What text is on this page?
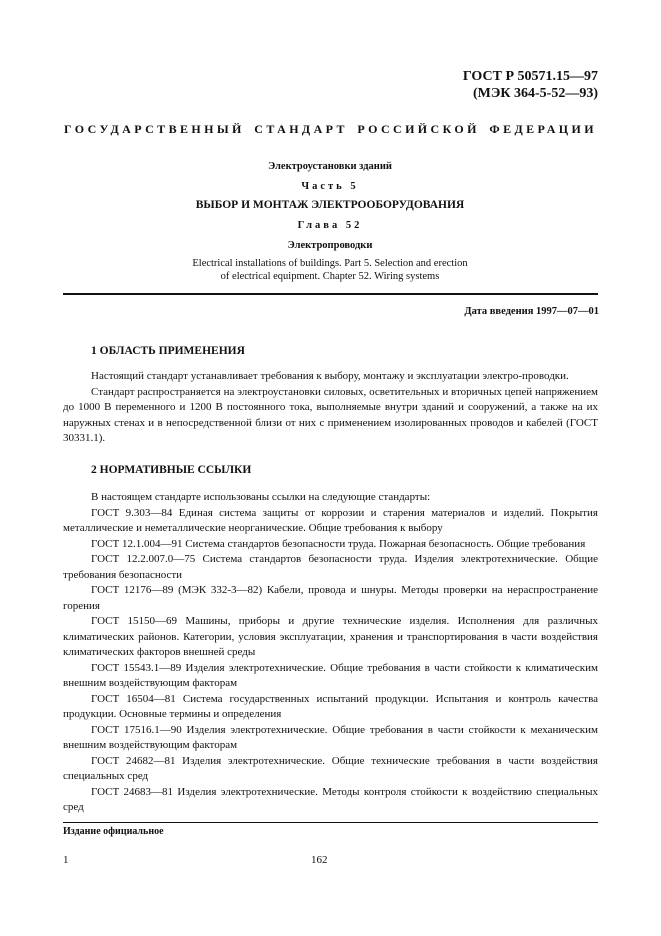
ГОСТ Р 50571.15—97
(МЭК 364-5-52—93)
ГОСУДАРСТВЕННЫЙ СТАНДАРТ РОССИЙСКОЙ ФЕДЕРАЦИИ
Электроустановки зданий
Часть 5
ВЫБОР И МОНТАЖ ЭЛЕКТРООБОРУДОВАНИЯ
Глава 52
Электропроводки
Electrical installations of buildings. Part 5. Selection and erection
of electrical equipment. Chapter 52. Wiring systems
Дата введения 1997—07—01
1 ОБЛАСТЬ ПРИМЕНЕНИЯ

Настоящий стандарт устанавливает требования к выбору, монтажу и эксплуатации электро-проводки.

Стандарт распространяется на электроустановки силовых, осветительных и вторичных цепей напряжением до 1000 В переменного и 1200 В постоянного тока, выполняемые внутри зданий и сооружений, а также на их наружных стенах и в непосредственной близи от них с применением изолированных проводов и кабелей (ГОСТ 30331.1).

2 НОРМАТИВНЫЕ ССЫЛКИ

В настоящем стандарте использованы ссылки на следующие стандарты:

ГОСТ 9.303—84 Единая система защиты от коррозии и старения материалов и изделий. Покрытия металлические и неметаллические неорганические. Общие требования к выбору

ГОСТ 12.1.004—91 Система стандартов безопасности труда. Пожарная безопасность. Общие требования

ГОСТ 12.2.007.0—75 Система стандартов безопасности труда. Изделия электротехнические. Общие требования безопасности

ГОСТ 12176—89 (МЭК 332-3—82) Кабели, провода и шнуры. Методы проверки на нераспространение горения

ГОСТ 15150—69 Машины, приборы и другие технические изделия. Исполнения для различных климатических районов. Категории, условия эксплуатации, хранения и транспортирования в части воздействия климатических факторов внешней среды

ГОСТ 15543.1—89 Изделия электротехнические. Общие требования в части стойкости к климатическим внешним воздействующим факторам

ГОСТ 16504—81 Система государственных испытаний продукции. Испытания и контроль качества продукции. Основные термины и определения

ГОСТ 17516.1—90 Изделия электротехнические. Общие требования в части стойкости к механическим внешним воздействующим факторам

ГОСТ 24682—81 Изделия электротехнические. Общие технические требования в части воздействия специальных сред

ГОСТ 24683—81 Изделия электротехнические. Методы контроля стойкости к воздействию специальных сред

Издание официальное
1	162
